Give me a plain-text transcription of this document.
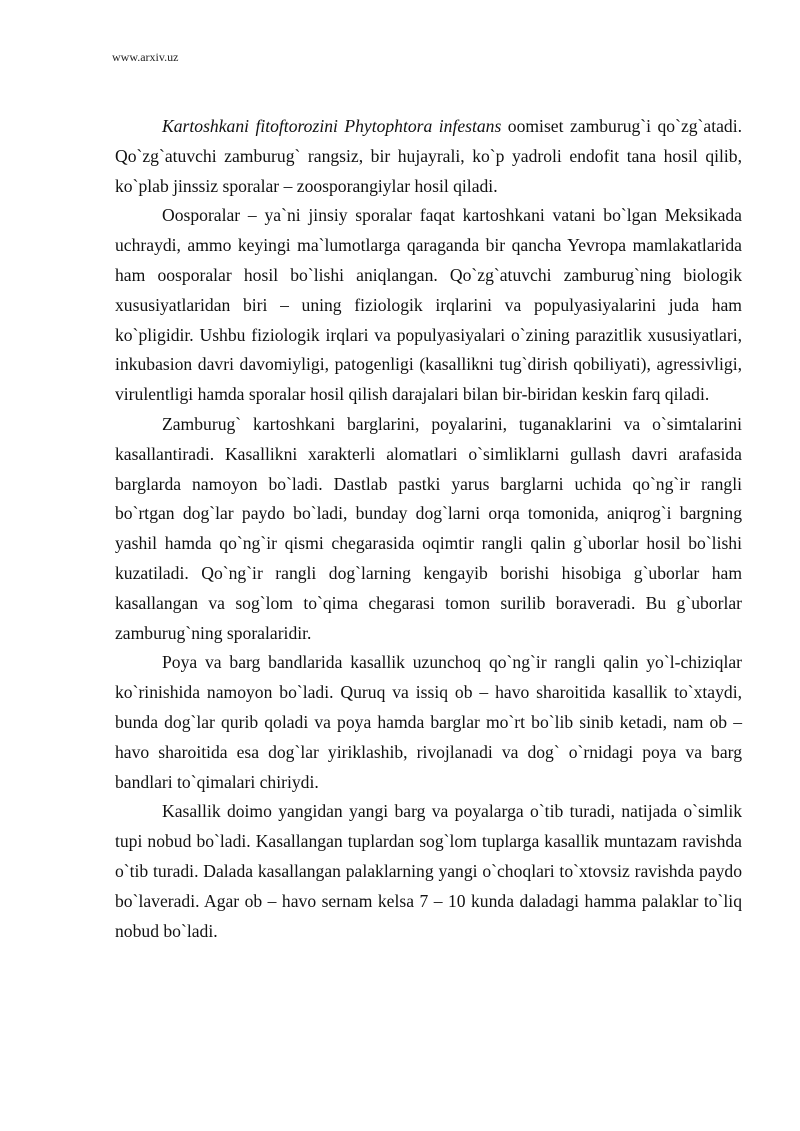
www.arxiv.uz

Kartoshkani fitoftorozini Phytophtora infestans oomiset zamburug`i qo`zg`atadi. Qo`zg`atuvchi zamburug` rangsiz, bir hujayrali, ko`p yadroli endofit tana hosil qilib, ko`plab jinssiz sporalar – zoosporangiylar hosil qiladi.

Oosporalar – ya`ni jinsiy sporalar faqat kartoshkani vatani bo`lgan Meksikada uchraydi, ammo keyingi ma`lumotlarga qaraganda bir qancha Yevropa mamlakatlarida ham oosporalar hosil bo`lishi aniqlangan. Qo`zg`atuvchi zamburug`ning biologik xususiyatlaridan biri – uning fiziologik irqlarini va populyasiyalarini juda ham ko`pligidir. Ushbu fiziologik irqlari va populyasiyalari o`zining parazitlik xususiyatlari, inkubasion davri davomiyligi, patogenligi (kasallikni tug`dirish qobiliyati), agressivligi, virulentligi hamda sporalar hosil qilish darajalari bilan bir-biridan keskin farq qiladi.

Zamburug` kartoshkani barglarini, poyalarini, tuganaklarini va o`simtalarini kasallantiradi. Kasallikni xarakterli alomatlari o`simliklarni gullash davri arafasida barglarda namoyon bo`ladi. Dastlab pastki yarus barglarni uchida qo`ng`ir rangli bo`rtgan dog`lar paydo bo`ladi, bunday dog`larni orqa tomonida, aniqrog`i bargning yashil hamda qo`ng`ir qismi chegarasida oqimtir rangli qalin g`uborlar hosil bo`lishi kuzatiladi. Qo`ng`ir rangli dog`larning kengayib borishi hisobiga g`uborlar ham kasallangan va sog`lom to`qima chegarasi tomon surilib boraveradi. Bu g`uborlar zamburug`ning sporalaridir.

Poya va barg bandlarida kasallik uzunchoq qo`ng`ir rangli qalin yo`l-chiziqlar ko`rinishida namoyon bo`ladi. Quruq va issiq ob – havo sharoitida kasallik to`xtaydi, bunda dog`lar qurib qoladi va poya hamda barglar mo`rt bo`lib sinib ketadi, nam ob – havo sharoitida esa dog`lar yiriklashib, rivojlanadi va dog` o`rnidagi poya va barg bandlari to`qimalari chiriydi.

Kasallik doimo yangidan yangi barg va poyalarga o`tib turadi, natijada o`simlik tupi nobud bo`ladi. Kasallangan tuplardan sog`lom tuplarga kasallik muntazam ravishda o`tib turadi. Dalada kasallangan palaklarning yangi o`choqlari to`xtovsiz ravishda paydo bo`laveradi. Agar ob – havo sernam kelsa 7 – 10 kunda daladagi hamma palaklar to`liq nobud bo`ladi.
